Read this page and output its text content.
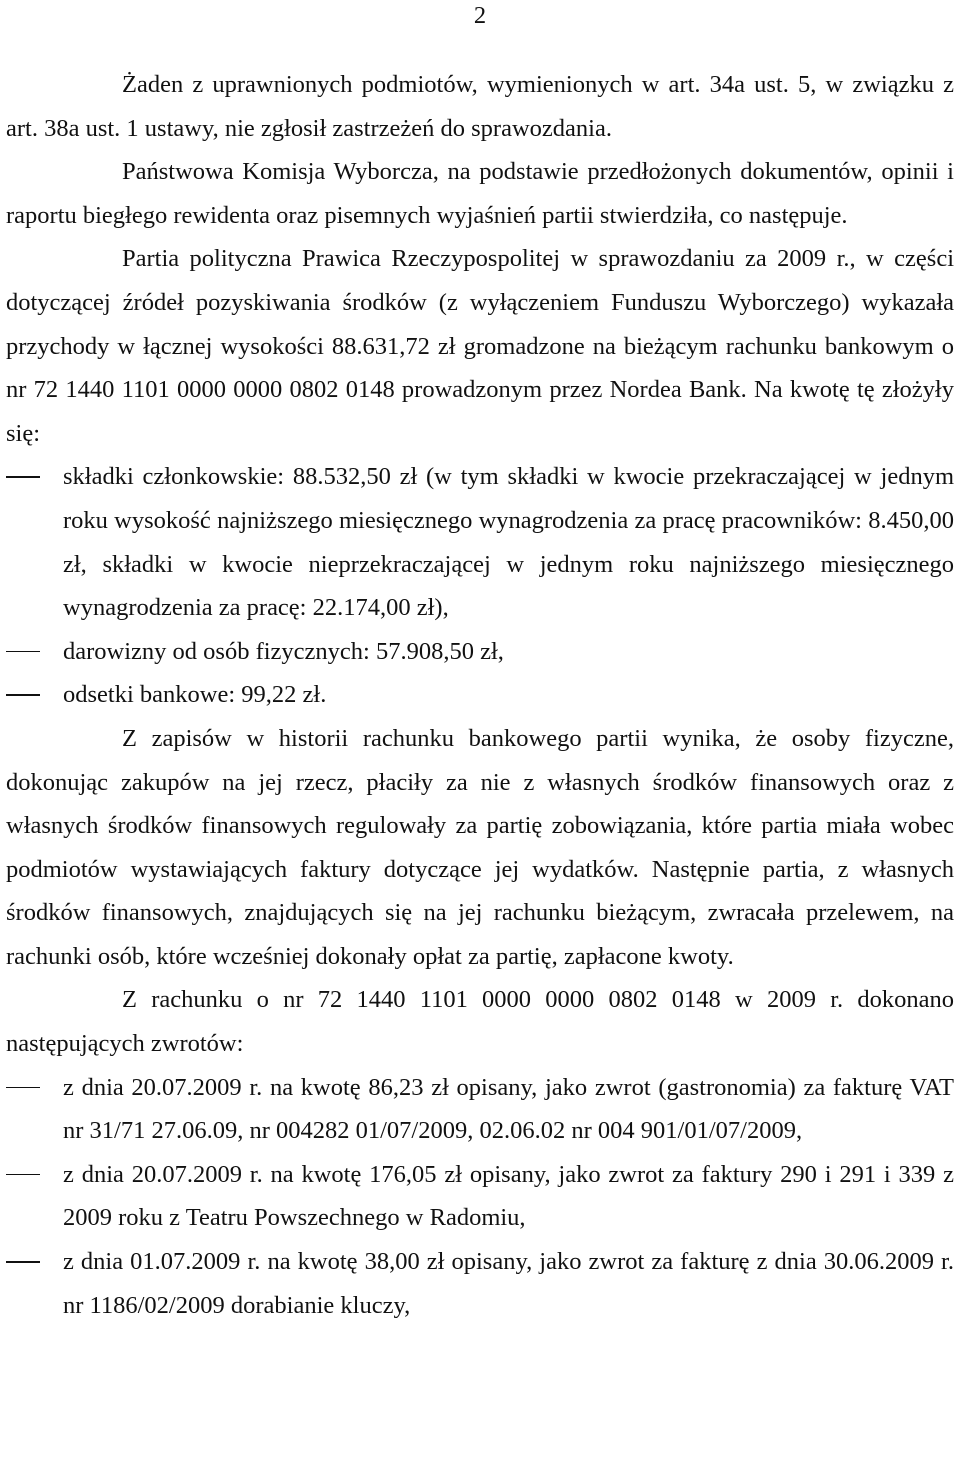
2

Żaden z uprawnionych podmiotów, wymienionych w art. 34a ust. 5, w związku z art. 38a ust. 1 ustawy, nie zgłosił zastrzeżeń do sprawozdania.

Państwowa Komisja Wyborcza, na podstawie przedłożonych dokumentów, opinii i raportu biegłego rewidenta oraz pisemnych wyjaśnień partii stwierdziła, co następuje.

Partia polityczna Prawica Rzeczypospolitej w sprawozdaniu za 2009 r., w części dotyczącej źródeł pozyskiwania środków (z wyłączeniem Funduszu Wyborczego) wykazała przychody w łącznej wysokości 88.631,72 zł gromadzone na bieżącym rachunku bankowym o nr 72 1440 1101 0000 0000 0802 0148 prowadzonym przez Nordea Bank. Na kwotę tę złożyły się:

składki członkowskie: 88.532,50 zł (w tym składki w kwocie przekraczającej w jednym roku wysokość najniższego miesięcznego wynagrodzenia za pracę pracowników: 8.450,00 zł, składki w kwocie nieprzekraczającej w jednym roku najniższego miesięcznego wynagrodzenia za pracę: 22.174,00 zł),
darowizny od osób fizycznych: 57.908,50 zł,
odsetki bankowe: 99,22 zł.

Z zapisów w historii rachunku bankowego partii wynika, że osoby fizyczne, dokonując zakupów na jej rzecz, płaciły za nie z własnych środków finansowych oraz z własnych środków finansowych regulowały za partię zobowiązania, które partia miała wobec podmiotów wystawiających faktury dotyczące jej wydatków. Następnie partia, z własnych środków finansowych, znajdujących się na jej rachunku bieżącym, zwracała przelewem, na rachunki osób, które wcześniej dokonały opłat za partię, zapłacone kwoty.

Z rachunku o nr 72 1440 1101 0000 0000 0802 0148 w 2009 r. dokonano następujących zwrotów:

z dnia 20.07.2009 r. na kwotę 86,23 zł opisany, jako zwrot (gastronomia) za fakturę VAT nr 31/71 27.06.09, nr 004282 01/07/2009, 02.06.02 nr 004 901/01/07/2009,
z dnia 20.07.2009 r. na kwotę 176,05 zł opisany, jako zwrot za faktury 290 i 291 i 339 z 2009 roku z Teatru Powszechnego w Radomiu,
z dnia 01.07.2009 r. na kwotę 38,00 zł opisany, jako zwrot za fakturę z dnia 30.06.2009 r. nr 1186/02/2009 dorabianie kluczy,
